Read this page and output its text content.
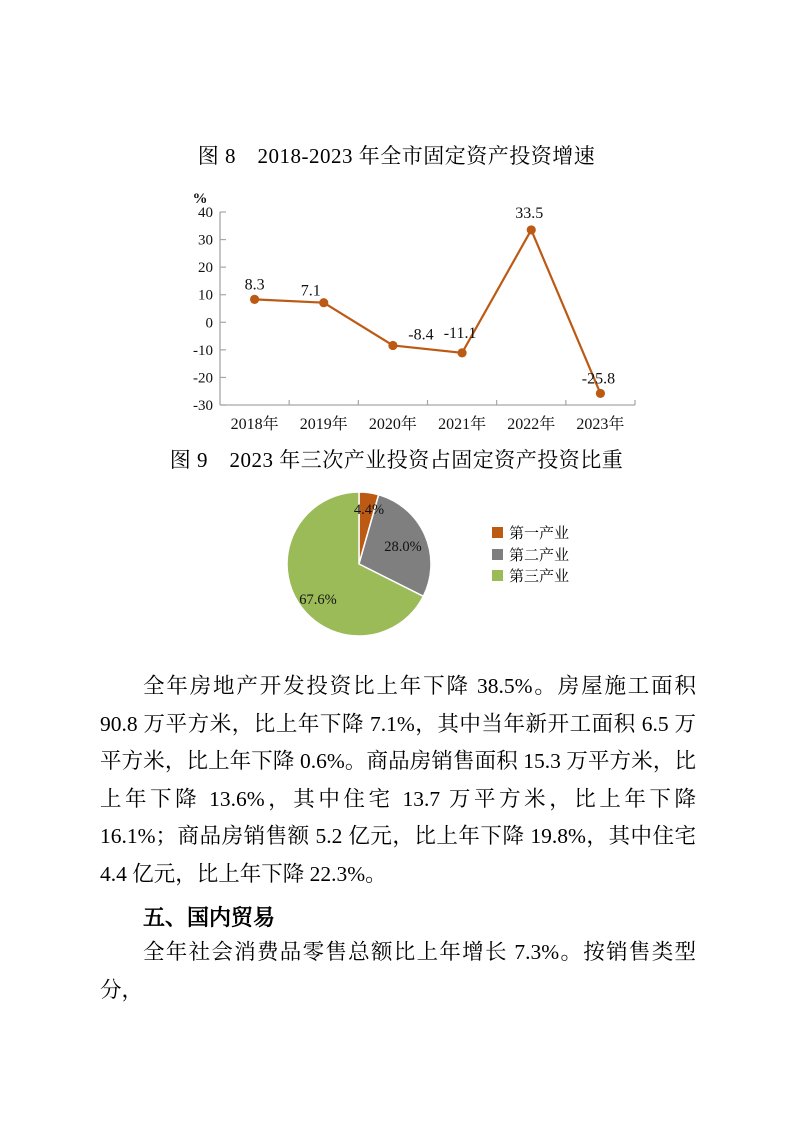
图 8　2018-2023 年全市固定资产投资增速
%
40
30
20
10
0
-10
-20
-30
2018年 2019年 2020年 2021年 2022年 2023年
8.3 7.1
-8.4 -11.1
33.5
-25.8
图 9　2023 年三次产业投资占固定资产投资比重
4.4%
28.0%
67.6%
第一产业
第二产业
第三产业

全年房地产开发投资比上年下降 38.5%。房屋施工面积 90.8 万平方米，比上年下降 7.1%，其中当年新开工面积 6.5 万平方米，比上年下降 0.6%。商品房销售面积 15.3 万平方米，比上年下降 13.6%，其中住宅 13.7 万平方米，比上年下降 16.1%；商品房销售额 5.2 亿元，比上年下降 19.8%，其中住宅 4.4 亿元，比上年下降 22.3%。

五、国内贸易

全年社会消费品零售总额比上年增长 7.3%。按销售类型分，
